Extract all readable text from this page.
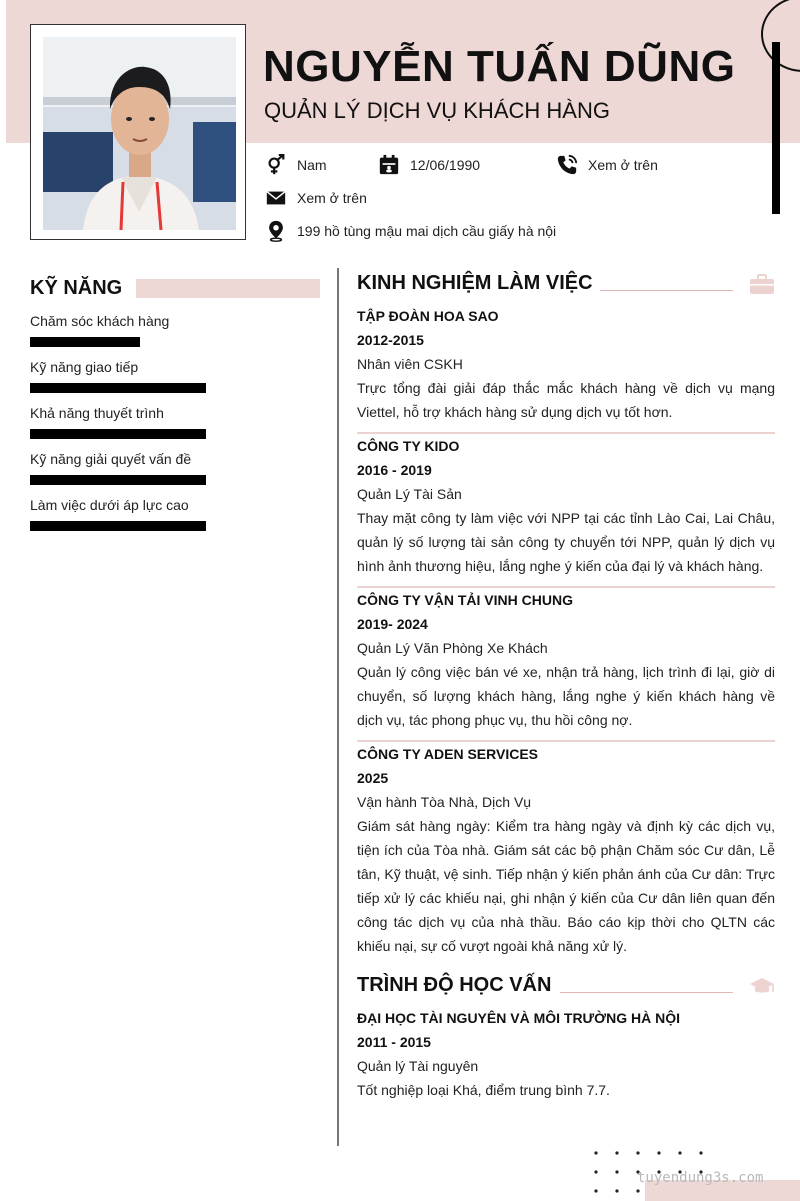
NGUYỄN TUẤN DŨNG
QUẢN LÝ DỊCH VỤ KHÁCH HÀNG
Nam	12/06/1990	Xem ở trên
Xem ở trên
199 hồ tùng mậu mai dịch cầu giấy hà nội
KỸ NĂNG
Chăm sóc khách hàng
Kỹ năng giao tiếp
Khả năng thuyết trình
Kỹ năng giải quyết vấn đề
Làm việc dưới áp lực cao
KINH NGHIỆM LÀM VIỆC
TẬP ĐOÀN HOA SAO
2012-2015
Nhân viên CSKH
Trực tổng đài giải đáp thắc mắc khách hàng về dịch vụ mạng Viettel, hỗ trợ khách hàng sử dụng dịch vụ tốt hơn.
CÔNG TY KIDO
2016 - 2019
Quản Lý Tài Sản
Thay mặt công ty làm việc với NPP tại các tỉnh Lào Cai, Lai Châu, quản lý số lượng tài sản công ty chuyển tới NPP, quản lý dịch vụ hình ảnh thương hiệu, lắng nghe ý kiến của đại lý và khách hàng.
CÔNG TY VẬN TẢI VINH CHUNG
2019- 2024
Quản Lý Văn Phòng Xe Khách
Quản lý công việc bán vé xe, nhận trả hàng, lịch trình đi lại, giờ di chuyển, số lượng khách hàng, lắng nghe ý kiến khách hàng về dịch vụ, tác phong phục vụ, thu hồi công nợ.
CÔNG TY ADEN SERVICES
2025
Vận hành Tòa Nhà, Dịch Vụ
Giám sát hàng ngày: Kiểm tra hàng ngày và định kỳ các dịch vụ, tiện ích của Tòa nhà. Giám sát các bộ phận Chăm sóc Cư dân, Lễ tân, Kỹ thuật, vệ sinh. Tiếp nhận ý kiến phản ánh của Cư dân: Trực tiếp xử lý các khiếu nại, ghi nhận ý kiến của Cư dân liên quan đến công tác dịch vụ của nhà thầu. Báo cáo kịp thời cho QLTN các khiếu nại, sự cố vượt ngoài khả năng xử lý.
TRÌNH ĐỘ HỌC VẤN
ĐẠI HỌC TÀI NGUYÊN VÀ MÔI TRƯỜNG HÀ NỘI
2011 - 2015
Quản lý Tài nguyên
Tốt nghiệp loại Khá, điểm trung bình 7.7.
tuyendung3s.com
